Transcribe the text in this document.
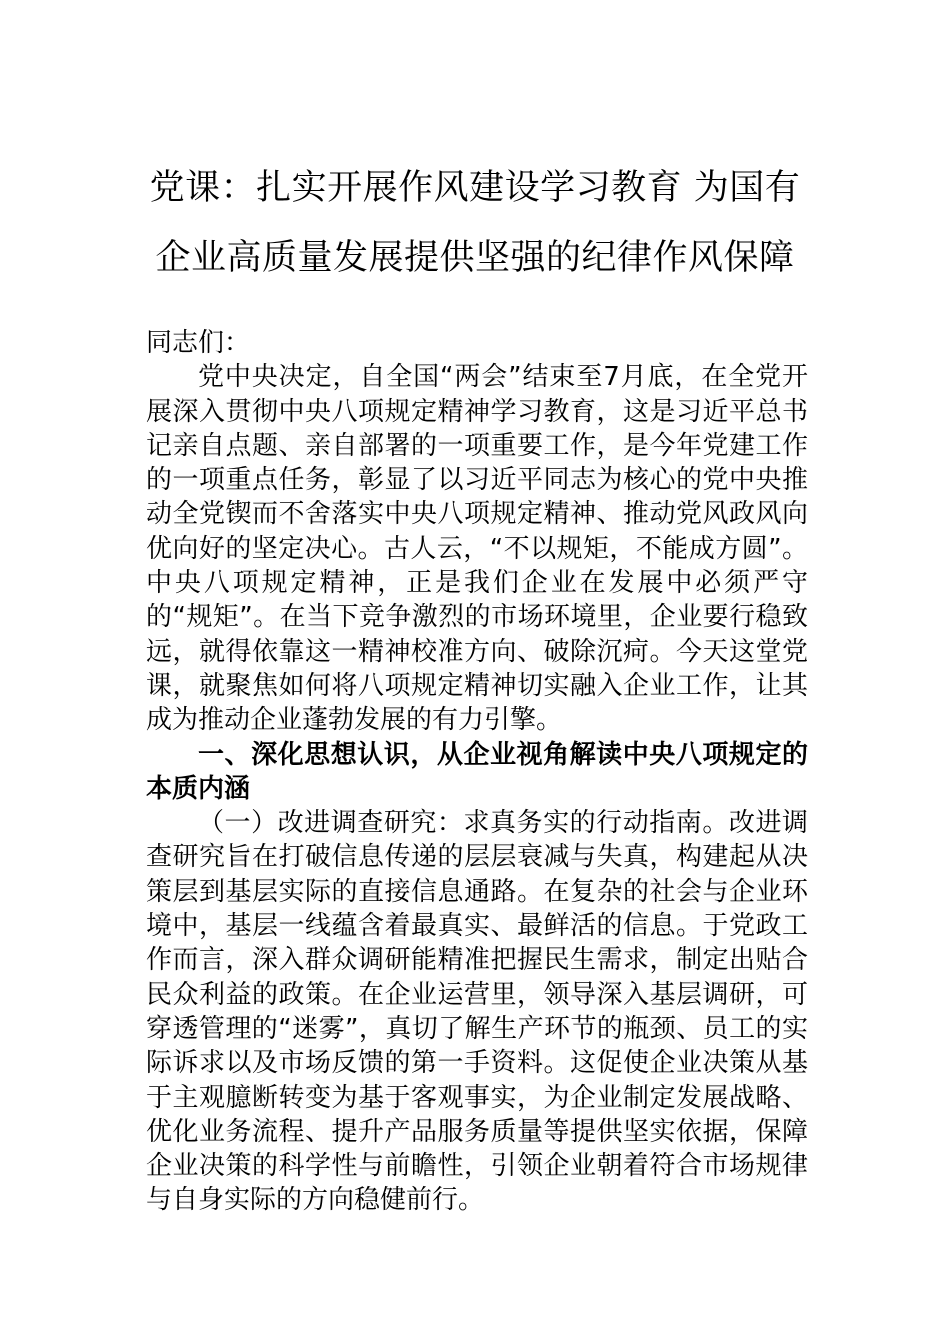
党课：扎实开展作风建设学习教育 为国有
企业高质量发展提供坚强的纪律作风保障

同志们：

党中央决定，自全国“两会”结束至7月底，在全党开展深入贯彻中央八项规定精神学习教育，这是习近平总书记亲自点题、亲自部署的一项重要工作，是今年党建工作的一项重点任务，彰显了以习近平同志为核心的党中央推动全党锲而不舍落实中央八项规定精神、推动党风政风向优向好的坚定决心。古人云，“不以规矩，不能成方圆”。中央八项规定精神，正是我们企业在发展中必须严守的“规矩”。在当下竞争激烈的市场环境里，企业要行稳致远，就得依靠这一精神校准方向、破除沉疴。今天这堂党课，就聚焦如何将八项规定精神切实融入企业工作，让其成为推动企业蓬勃发展的有力引擎。

一、深化思想认识，从企业视角解读中央八项规定的本质内涵

（一）改进调查研究：求真务实的行动指南。改进调查研究旨在打破信息传递的层层衰减与失真，构建起从决策层到基层实际的直接信息通路。在复杂的社会与企业环境中，基层一线蕴含着最真实、最鲜活的信息。于党政工作而言，深入群众调研能精准把握民生需求，制定出贴合民众利益的政策。在企业运营里，领导深入基层调研，可穿透管理的“迷雾”，真切了解生产环节的瓶颈、员工的实际诉求以及市场反馈的第一手资料。这促使企业决策从基于主观臆断转变为基于客观事实，为企业制定发展战略、优化业务流程、提升产品服务质量等提供坚实依据，保障企业决策的科学性与前瞻性，引领企业朝着符合市场规律与自身实际的方向稳健前行。
